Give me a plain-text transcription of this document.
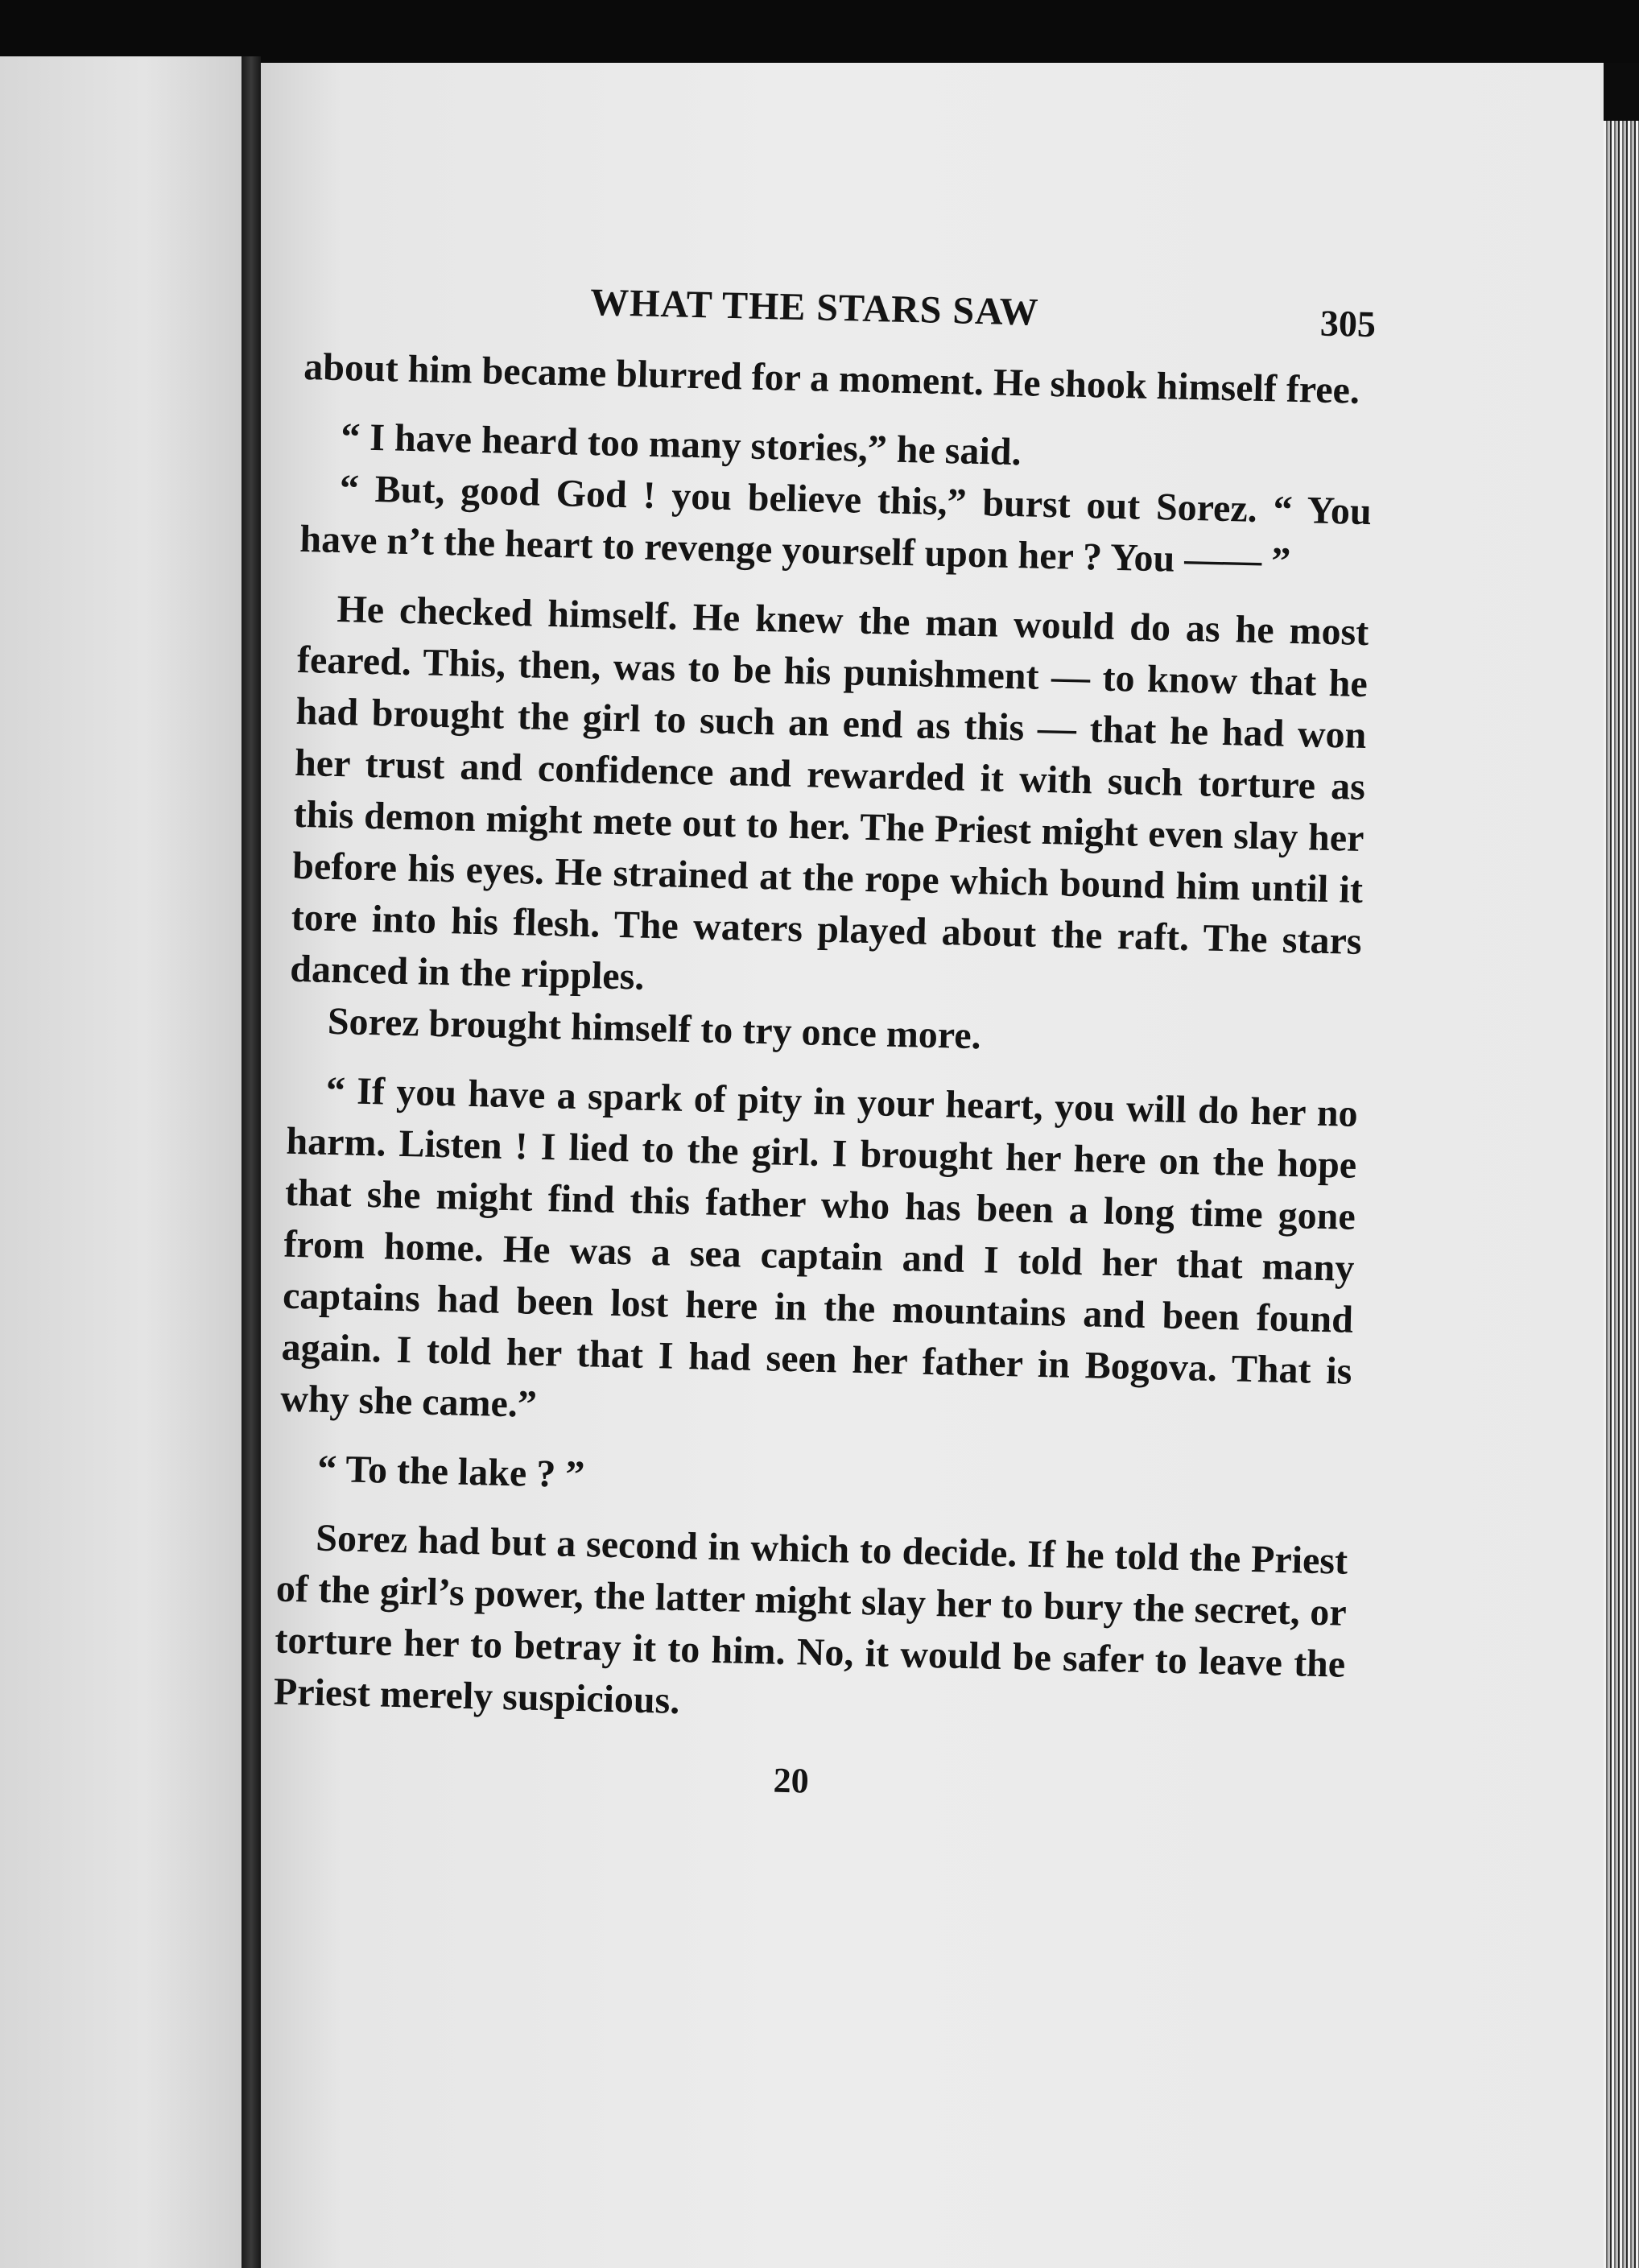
WHAT THE STARS SAW	305

about him became blurred for a moment. He shook himself free.

“ I have heard too many stories,” he said.

“ But, good God ! you believe this,” burst out Sorez. “ You have n’t the heart to revenge yourself upon her ? You —— ”

He checked himself. He knew the man would do as he most feared. This, then, was to be his punishment — to know that he had brought the girl to such an end as this — that he had won her trust and confidence and rewarded it with such torture as this demon might mete out to her. The Priest might even slay her before his eyes. He strained at the rope which bound him until it tore into his flesh. The waters played about the raft. The stars danced in the ripples.

Sorez brought himself to try once more.

“ If you have a spark of pity in your heart, you will do her no harm. Listen ! I lied to the girl. I brought her here on the hope that she might find this father who has been a long time gone from home. He was a sea captain and I told her that many captains had been lost here in the mountains and been found again. I told her that I had seen her father in Bogova. That is why she came.”

“ To the lake ? ”

Sorez had but a second in which to decide. If he told the Priest of the girl’s power, the latter might slay her to bury the secret, or torture her to betray it to him. No, it would be safer to leave the Priest merely suspicious.

20
